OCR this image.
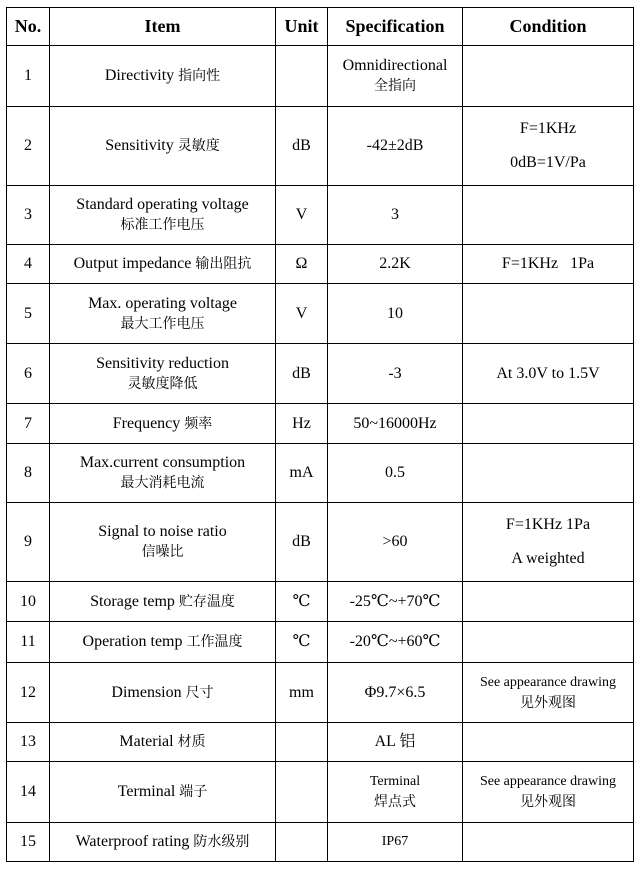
No.	Item	Unit	Specification	Condition
1	Directivity 指向性		Omnidirectional
全指向	

2	Sensitivity 灵敏度	dB	-42±2dB	F=1KHz
0dB=1V/Pa

3	Standard operating voltage
标准工作电压	V	3	
4	Output impedance 输出阻抗	Ω	2.2K	F=1KHz 1Pa
5	Max. operating voltage
最大工作电压	V	10	
6	Sensitivity reduction
灵敏度降低	dB	-3	At 3.0V to 1.5V
7	Frequency 频率	Hz	50~16000Hz	
8	Max.current consumption
最大消耗电流	mA	0.5	
9	Signal to noise ratio
信噪比	dB	>60	F=1KHz 1Pa
A weighted

10	Storage temp 贮存温度	℃	-25℃~+70℃	
11	Operation temp 工作温度	℃	-20℃~+60℃	
12	Dimension 尺寸	mm	Φ9.7×6.5	See appearance drawing
见外观图

13	Material 材质		AL 铝	
14	Terminal 端子		Terminal
焊点式	See appearance drawing
见外观图

15	Waterproof rating 防水级别		IP67	
